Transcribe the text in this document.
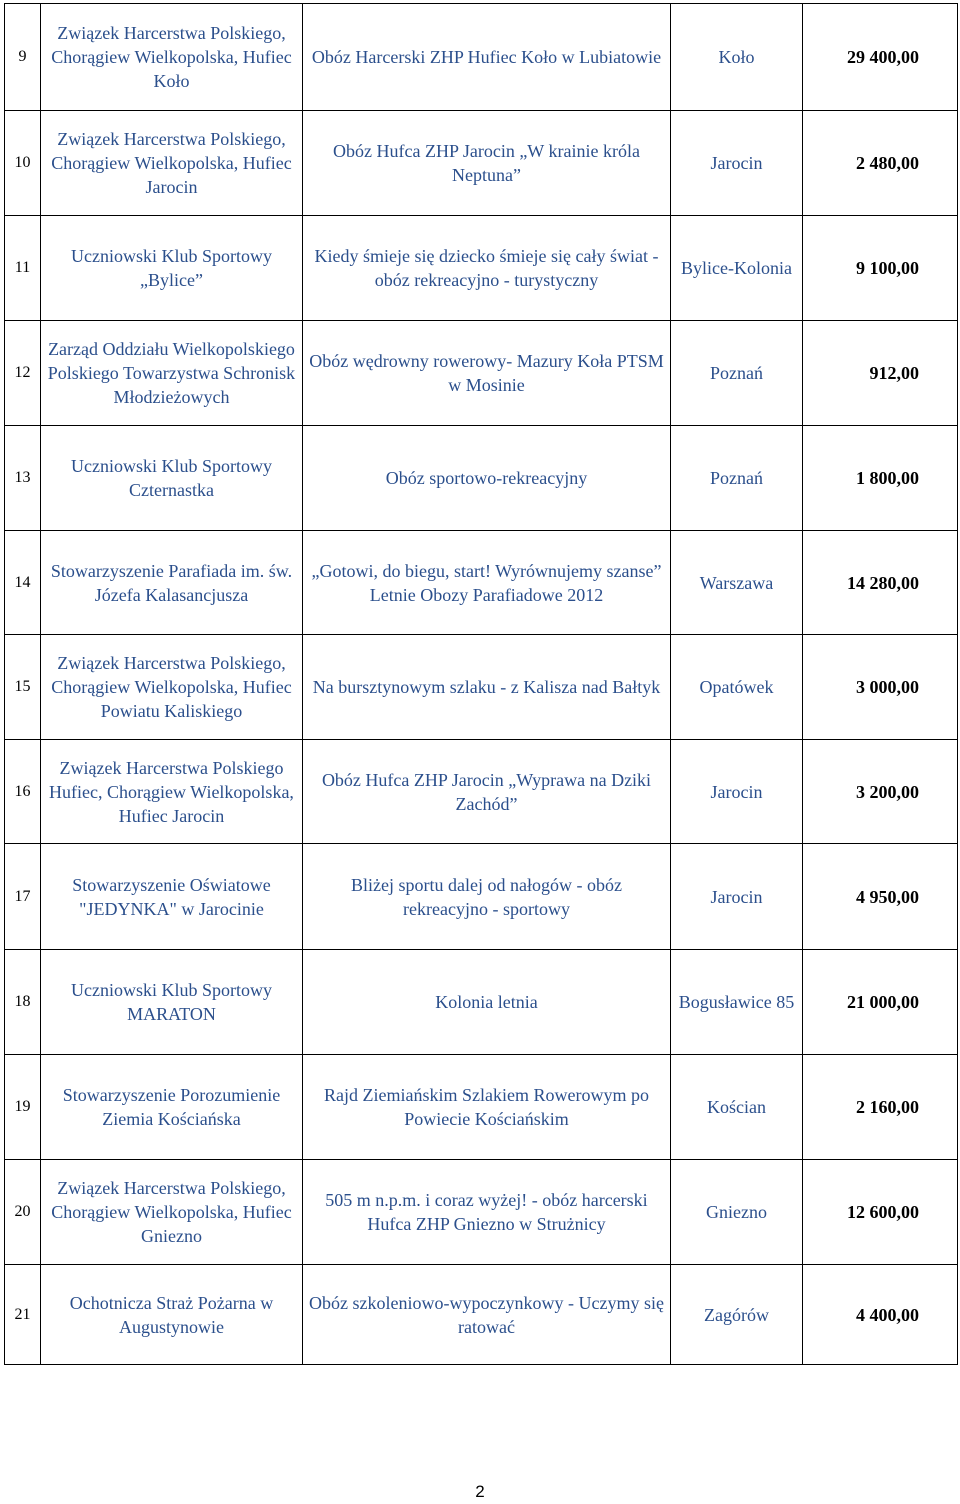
9	Związek Harcerstwa Polskiego, Chorągiew Wielkopolska, Hufiec Koło	Obóz Harcerski ZHP Hufiec Koło w Lubiatowie	Koło	29 400,00
10	Związek Harcerstwa Polskiego, Chorągiew Wielkopolska, Hufiec Jarocin	Obóz Hufca ZHP Jarocin „W krainie króla Neptuna”	Jarocin	2 480,00
11	Uczniowski Klub Sportowy „Bylice”	Kiedy śmieje się dziecko śmieje się cały świat - obóz rekreacyjno - turystyczny	Bylice-Kolonia	9 100,00
12	Zarząd Oddziału Wielkopolskiego Polskiego Towarzystwa Schronisk Młodzieżowych	Obóz wędrowny rowerowy- Mazury Koła PTSM w Mosinie	Poznań	912,00
13	Uczniowski Klub Sportowy Czternastka	Obóz sportowo-rekreacyjny	Poznań	1 800,00
14	Stowarzyszenie Parafiada im. św. Józefa Kalasancjusza	„Gotowi, do biegu, start! Wyrównujemy szanse” Letnie Obozy Parafiadowe 2012	Warszawa	14 280,00
15	Związek Harcerstwa Polskiego, Chorągiew Wielkopolska, Hufiec Powiatu Kaliskiego	Na bursztynowym szlaku - z Kalisza nad Bałtyk	Opatówek	3 000,00
16	Związek Harcerstwa Polskiego Hufiec, Chorągiew Wielkopolska, Hufiec Jarocin	Obóz Hufca ZHP Jarocin „Wyprawa na Dziki Zachód”	Jarocin	3 200,00
17	Stowarzyszenie Oświatowe "JEDYNKA" w Jarocinie	Bliżej sportu dalej od nałogów - obóz rekreacyjno - sportowy	Jarocin	4 950,00
18	Uczniowski Klub Sportowy MARATON	Kolonia letnia	Bogusławice 85	21 000,00
19	Stowarzyszenie Porozumienie Ziemia Kościańska	Rajd Ziemiańskim Szlakiem Rowerowym po Powiecie Kościańskim	Kościan	2 160,00
20	Związek Harcerstwa Polskiego, Chorągiew Wielkopolska, Hufiec Gniezno	505 m n.p.m. i coraz wyżej! - obóz harcerski Hufca ZHP Gniezno w Strużnicy	Gniezno	12 600,00
21	Ochotnicza Straż Pożarna w Augustynowie	Obóz szkoleniowo-wypoczynkowy - Uczymy się ratować	Zagórów	4 400,00
2
